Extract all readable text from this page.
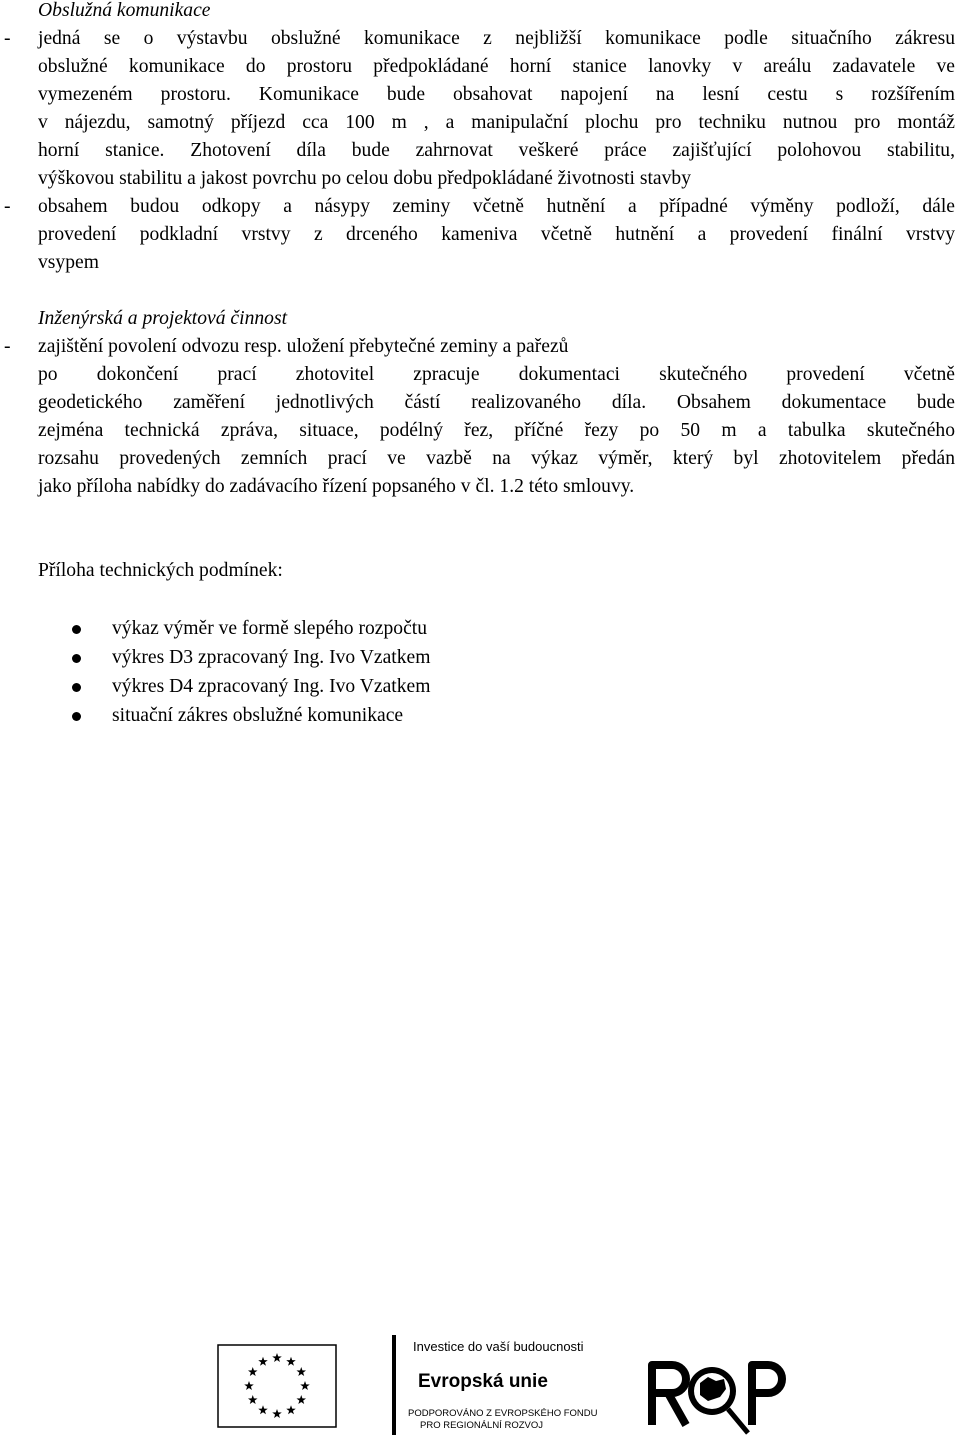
Obslužná komunikace
- jedná se o výstavbu obslužné komunikace z nejbližší komunikace podle situačního zákresu
obslužné komunikace do prostoru předpokládané horní stanice lanovky v areálu zadavatele ve
vymezeném prostoru. Komunikace bude obsahovat napojení na lesní cestu s rozšířením
v nájezdu, samotný příjezd cca 100 m , a manipulační plochu pro techniku nutnou pro montáž
horní stanice. Zhotovení díla bude zahrnovat veškeré práce zajišťující polohovou stabilitu,
výškovou stabilitu a jakost povrchu po celou dobu předpokládané životnosti stavby
- obsahem budou odkopy a násypy zeminy včetně hutnění a případné výměny podloží, dále
provedení podkladní vrstvy z drceného kameniva včetně hutnění a provedení finální vrstvy
vsypem
Inženýrská a projektová činnost
- zajištění povolení odvozu resp. uložení přebytečné zeminy a pařezů
po dokončení prací zhotovitel zpracuje dokumentaci skutečného provedení včetně
geodetického zaměření jednotlivých částí realizovaného díla. Obsahem dokumentace bude
zejména technická zpráva, situace, podélný řez, příčné řezy po 50 m a tabulka skutečného
rozsahu provedených zemních prací ve vazbě na výkaz výměr, který byl zhotovitelem předán
jako příloha nabídky do zadávacího řízení popsaného v čl. 1.2 této smlouvy.
Příloha technických podmínek:
výkaz výměr ve formě slepého rozpočtu
výkres D3 zpracovaný Ing. Ivo Vzatkem
výkres D4 zpracovaný Ing. Ivo Vzatkem
situační zákres obslužné komunikace
Investice do vaší budoucnosti
Evropská unie
PODPOROVÁNO Z EVROPSKÉHO FONDU
PRO REGIONÁLNÍ ROZVOJ
